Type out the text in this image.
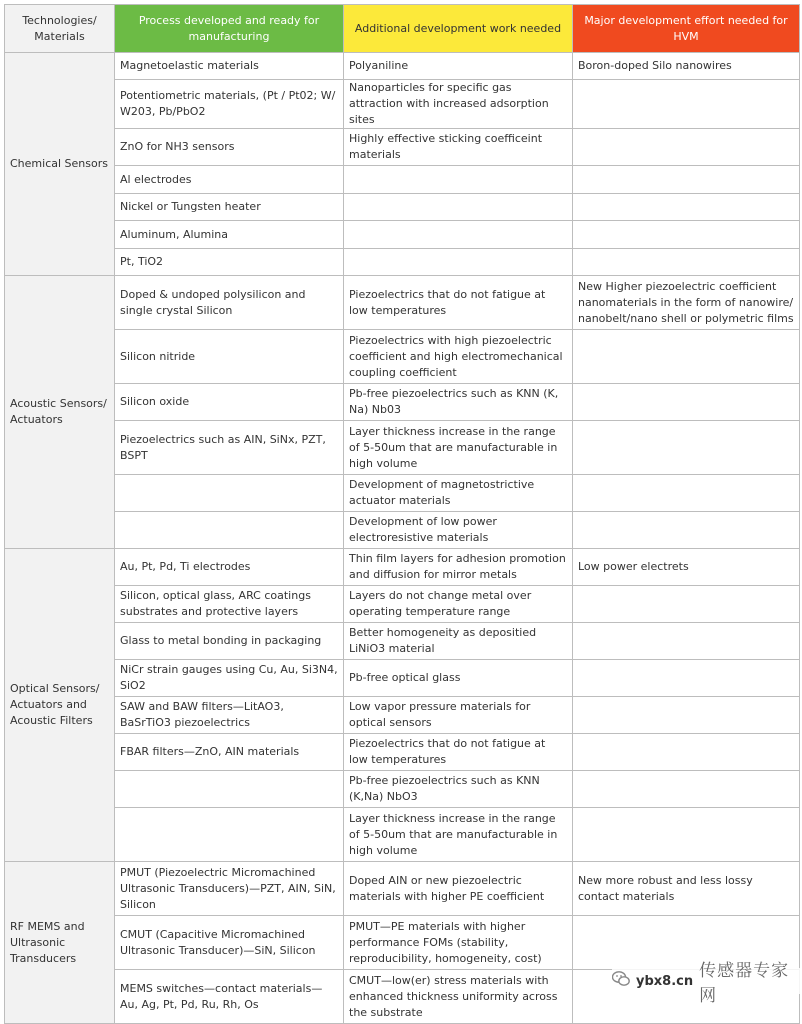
Technologies/ Materials	Process developed and ready for manufacturing	Additional development work needed	Major development effort needed for HVM
Chemical Sensors	Magnetoelastic materials	Polyaniline	Boron-doped Silo nanowires
	Potentiometric materials, (Pt / Pt02; W/ W203, Pb/PbO2	Nanoparticles for specific gas attraction with increased adsorption sites	
	ZnO for NH3 sensors	Highly effective sticking coefficeint materials	
	Al electrodes		
	Nickel or Tungsten heater		
	Aluminum, Alumina		
	Pt, TiO2		
Acoustic Sensors/ Actuators	Doped & undoped polysilicon and single crystal Silicon	Piezoelectrics that do not fatigue at low temperatures	New Higher piezoelectric coefficient nanomaterials in the form of nanowire/ nanobelt/nano shell or polymetric films
	Silicon nitride	Piezoelectrics with high piezoelectric coefficient and high electromechanical coupling coefficient	
	Silicon oxide	Pb-free piezoelectrics such as KNN (K, Na) Nb03	
	Piezoelectrics such as AIN, SiNx, PZT, BSPT	Layer thickness increase in the range of 5-50um that are manufacturable in high volume	
		Development of magnetostrictive actuator materials	
		Development of low power electroresistive materials	
Optical Sensors/ Actuators and Acoustic Filters	Au, Pt, Pd, Ti electrodes	Thin film layers for adhesion promotion and diffusion for mirror metals	Low power electrets
	Silicon, optical glass, ARC coatings substrates and protective layers	Layers do not change metal over operating temperature range	
	Glass to metal bonding in packaging	Better homogeneity as depositied LiNiO3 material	
	NiCr strain gauges using Cu, Au, Si3N4, SiO2	Pb-free optical glass	
	SAW and BAW filters—LitAO3, BaSrTiO3 piezoelectrics	Low vapor pressure materials for optical sensors	
	FBAR filters—ZnO, AIN materials	Piezoelectrics that do not fatigue at low temperatures	
		Pb-free piezoelectrics such as KNN (K,Na) NbO3	
		Layer thickness increase in the range of 5-50um that are manufacturable in high volume	
RF MEMS and Ultrasonic Transducers	PMUT (Piezoelectric Micromachined Ultrasonic Transducers)—PZT, AIN, SiN, Silicon	Doped AIN or new piezoelectric materials with higher PE coefficient	New more robust and less lossy contact materials
	CMUT (Capacitive Micromachined Ultrasonic Transducer)—SiN, Silicon	PMUT—PE materials with higher performance FOMs (stability, reproducibility, homogeneity, cost)	
	MEMS switches—contact materials—Au, Ag, Pt, Pd, Ru, Rh, Os	CMUT—low(er) stress materials with enhanced thickness uniformity across the substrate	
ybx8.cn 传感器专家网
